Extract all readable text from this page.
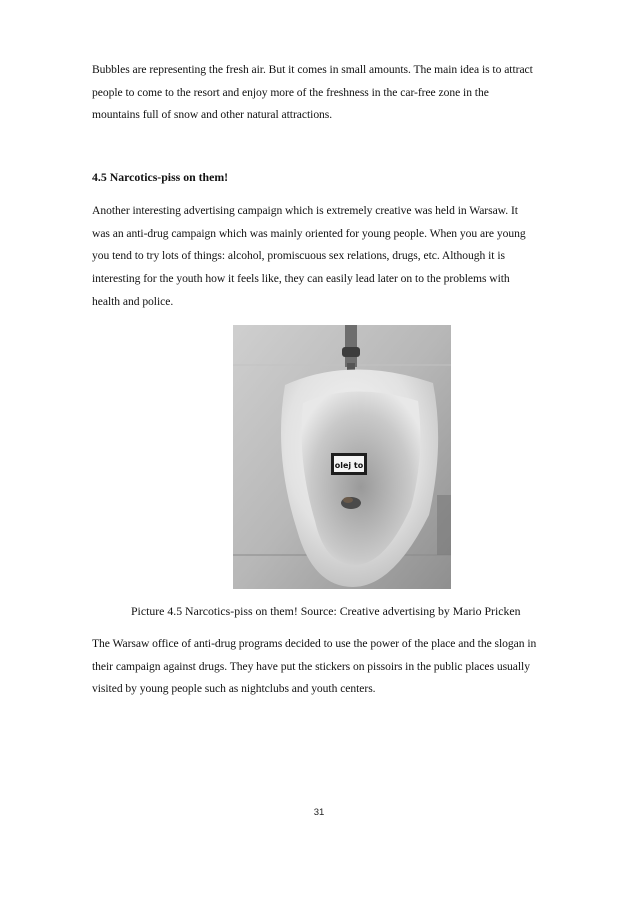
Bubbles are representing the fresh air. But it comes in small amounts. The main idea is to attract
people to come to the resort and enjoy more of the freshness in the car-free zone in the
mountains full of snow and other natural attractions.

4.5 Narcotics-piss on them!

Another interesting advertising campaign which is extremely creative was held in Warsaw. It
was an anti-drug campaign which was mainly oriented for young people. When you are young
you tend to try lots of things: alcohol, promiscuous sex relations, drugs, etc. Although it is
interesting for the youth how it feels like, they can easily lead later on to the problems with
health and police.

olej to

Picture 4.5 Narcotics-piss on them! Source: Creative advertising by Mario Pricken

The Warsaw office of anti-drug programs decided to use the power of the place and the slogan in
their campaign against drugs. They have put the stickers on pissoirs in the public places usually
visited by young people such as nightclubs and youth centers.

31
